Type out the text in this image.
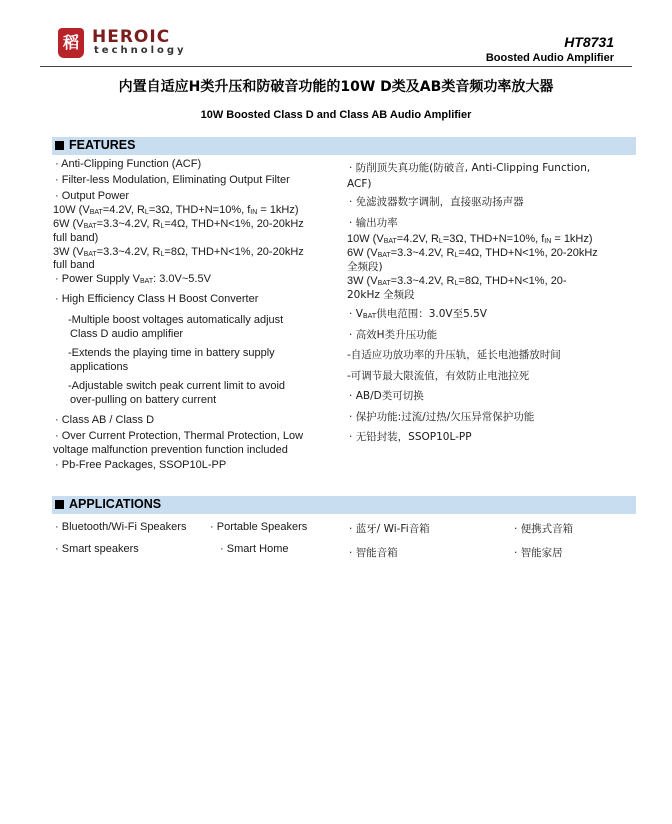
稻 HEROIC
technology
HT8731
Boosted Audio Amplifier
内置自适应H类升压和防破音功能的10W D类及AB类音频功率放大器
10W Boosted Class D and Class AB Audio Amplifier
FEATURES
· Anti-Clipping Function (ACF)
· Filter-less Modulation, Eliminating Output Filter
· Output Power
10W ($V_{BAT}=4.2V$, $R_L=3\Omega$, THD+N=10%, $f_{IN} = 1kHz$)
6W ($V_{BAT}=3.3\sim 4.2V$, $R_L=4\Omega$, THD+N<1%, 20-20kHz
full band)
3W ($V_{BAT}=3.3\sim 4.2V$, $R_L=8\Omega$, THD+N<1%, 20-20kHz
full band
· Power Supply $V_{BAT}$: 3.0V~5.5V
· High Efficiency Class H Boost Converter
-Multiple boost voltages automatically adjust
Class D audio amplifier
-Extends the playing time in battery supply
applications
-Adjustable switch peak current limit to avoid
over-pulling on battery current
· Class AB / Class D
· Over Current Protection, Thermal Protection, Low
voltage malfunction prevention function included
· Pb-Free Packages, SSOP10L-PP
· 防削顶失真功能(防破音, Anti-Clipping Function,
ACF)
· 免滤波器数字调制，直接驱动扬声器
· 输出功率
10W ($V_{BAT}=4.2V$, $R_L=3\Omega$, THD+N=10%, $f_{IN} = 1kHz$)
6W ($V_{BAT}=3.3\sim 4.2V$, $R_L=4\Omega$, THD+N<1%, 20-20kHz
全频段)
3W ($V_{BAT}=3.3\sim 4.2V$, $R_L=8\Omega$, THD+N<1%, 20-
20kHz 全频段
· $V_{BAT}$供电范围：3.0V至5.5V
· 高效H类升压功能
-自适应功放功率的升压轨，延长电池播放时间
-可调节最大限流值，有效防止电池拉死
· AB/D类可切换
· 保护功能:过流/过热/欠压异常保护功能
· 无铅封装，SSOP10L-PP
APPLICATIONS
· Bluetooth/Wi-Fi Speakers · Portable Speakers
· Smart speakers	· Smart Home
· 蓝牙/ Wi-Fi音箱	· 便携式音箱
· 智能音箱	· 智能家居
